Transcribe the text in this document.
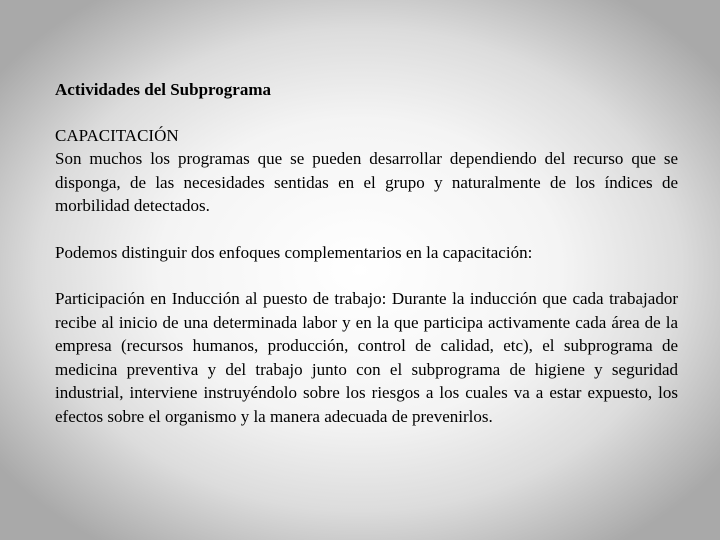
Actividades del Subprograma

CAPACITACIÓN

Son muchos los programas que se pueden desarrollar dependiendo del recurso que se disponga, de las necesidades sentidas en el grupo y naturalmente de los índices de morbilidad detectados.

Podemos distinguir dos enfoques complementarios en la capacitación:

Participación en Inducción al puesto de trabajo: Durante la inducción que cada trabajador recibe al inicio de una determinada labor y en la que participa activamente cada área de la empresa (recursos humanos, producción, control de calidad, etc), el subprograma de medicina preventiva y del trabajo junto con el subprograma de higiene y seguridad industrial, interviene instruyéndolo sobre los riesgos a los cuales va a estar expuesto, los efectos sobre el organismo y la manera adecuada de prevenirlos.
